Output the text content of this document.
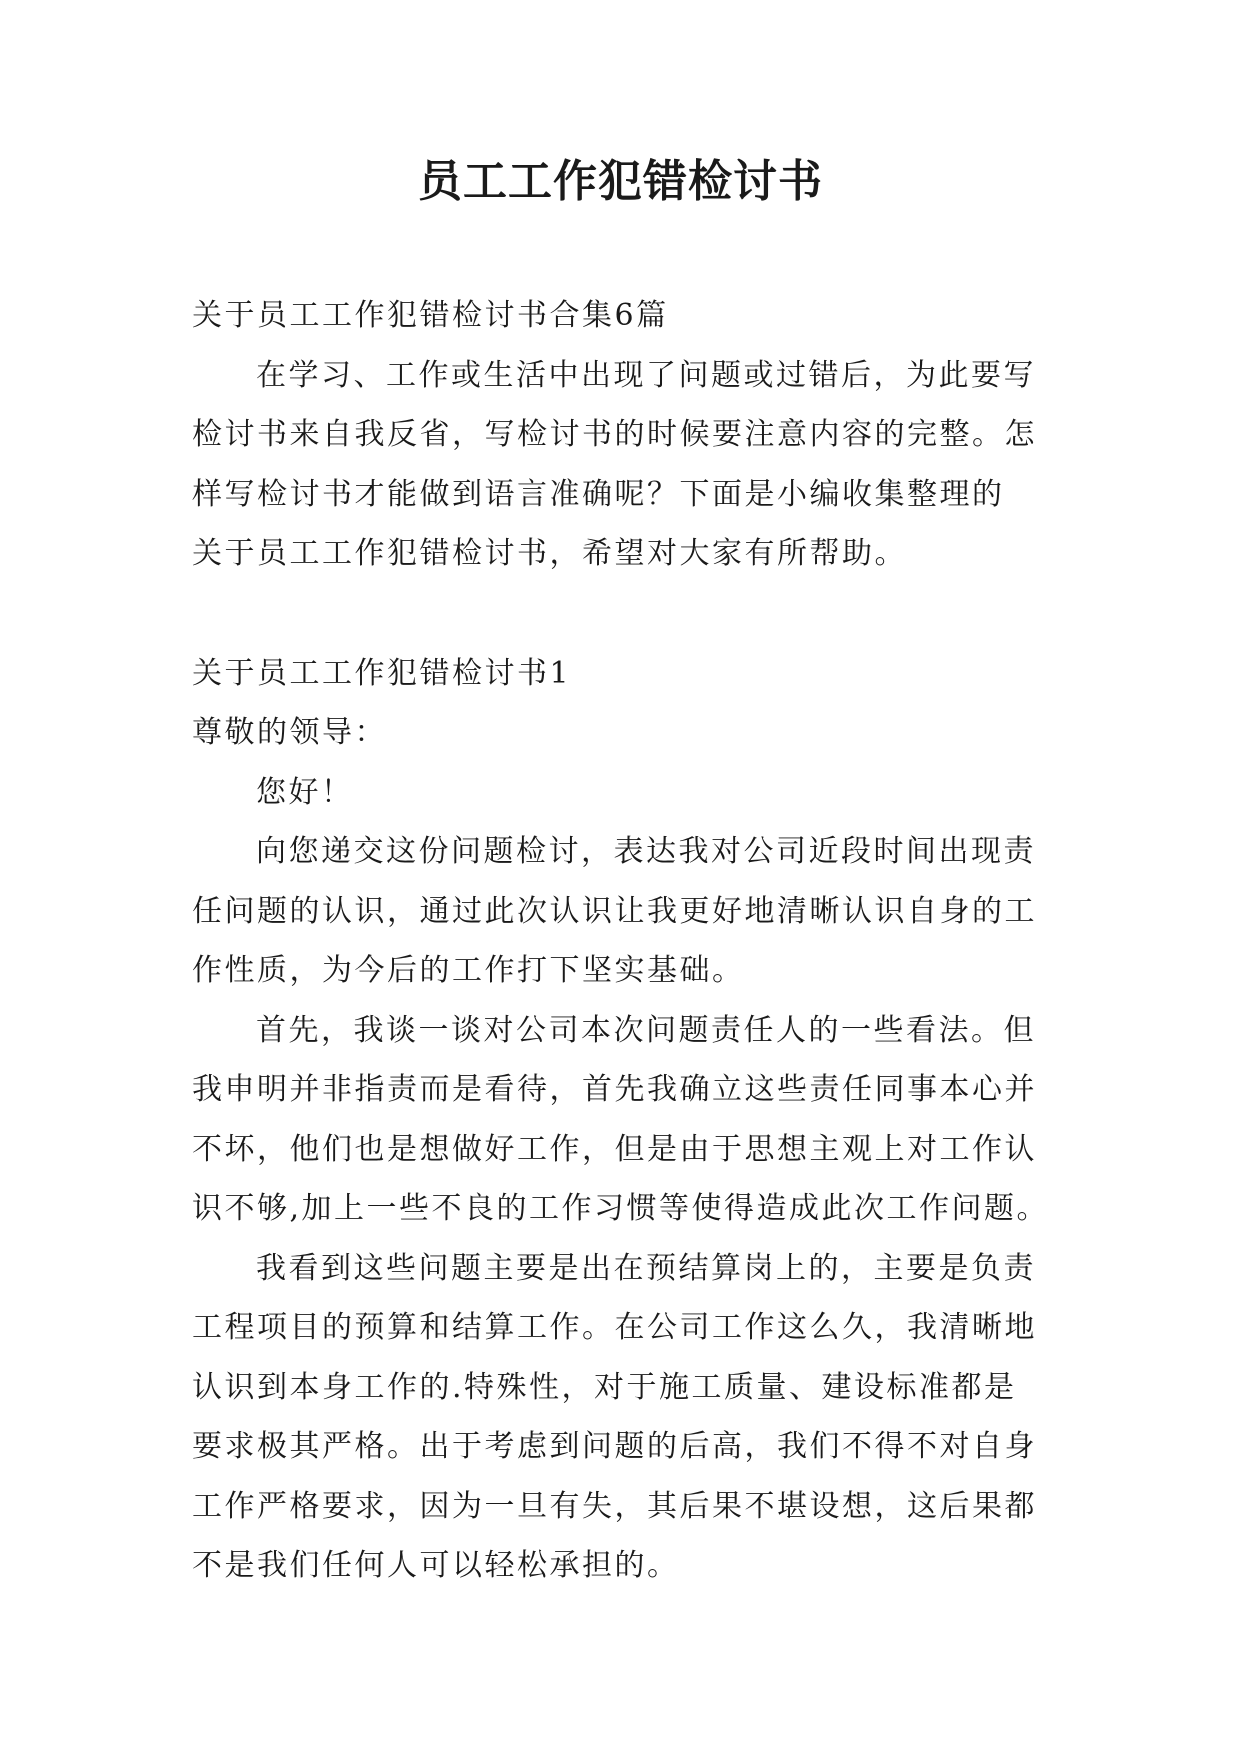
员工工作犯错检讨书

关于员工工作犯错检讨书合集6篇

在学习、工作或生活中出现了问题或过错后，为此要写

检讨书来自我反省，写检讨书的时候要注意内容的完整。怎

样写检讨书才能做到语言准确呢？下面是小编收集整理的

关于员工工作犯错检讨书，希望对大家有所帮助。

关于员工工作犯错检讨书1

尊敬的领导：

您好！

向您递交这份问题检讨，表达我对公司近段时间出现责

任问题的认识，通过此次认识让我更好地清晰认识自身的工

作性质，为今后的工作打下坚实基础。

首先，我谈一谈对公司本次问题责任人的一些看法。但

我申明并非指责而是看待，首先我确立这些责任同事本心并

不坏，他们也是想做好工作，但是由于思想主观上对工作认

识不够,加上一些不良的工作习惯等使得造成此次工作问题。

我看到这些问题主要是出在预结算岗上的，主要是负责

工程项目的预算和结算工作。在公司工作这么久，我清晰地

认识到本身工作的.特殊性，对于施工质量、建设标准都是

要求极其严格。出于考虑到问题的后高，我们不得不对自身

工作严格要求，因为一旦有失，其后果不堪设想，这后果都

不是我们任何人可以轻松承担的。
